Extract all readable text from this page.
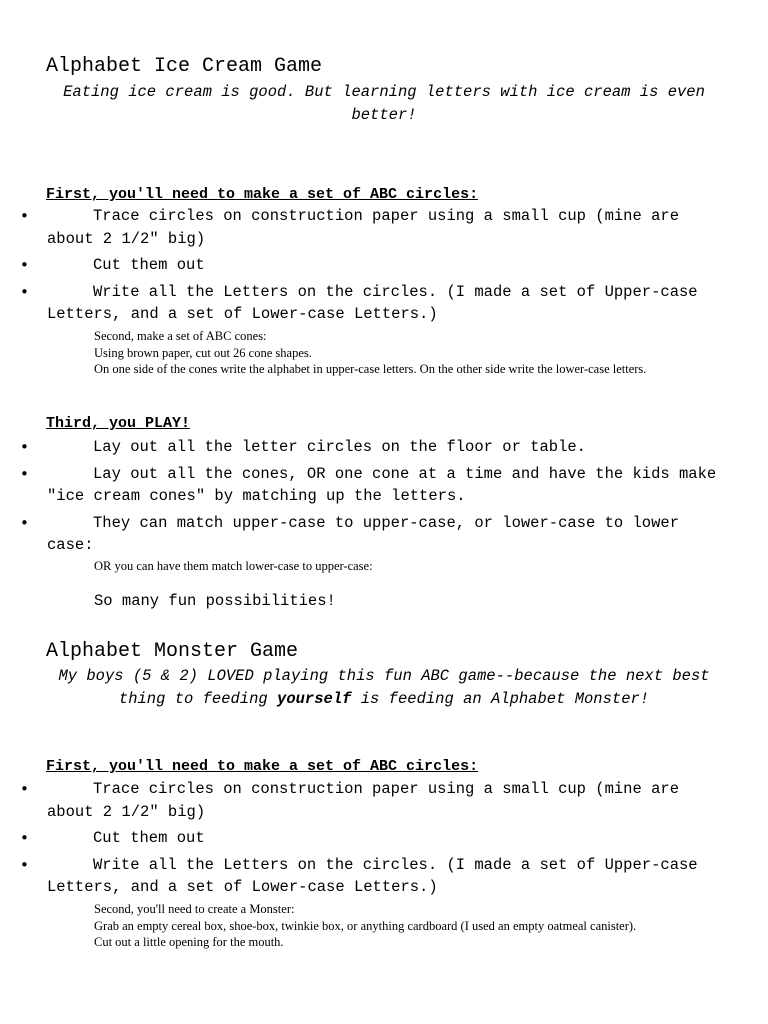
Alphabet Ice Cream Game
Eating ice cream is good. But learning letters with ice cream is even better!
First, you'll need to make a set of ABC circles:
•	Trace circles on construction paper using a small cup (mine are about 2 1/2" big)
•	Cut them out
•	Write all the Letters on the circles. (I made a set of Upper-case Letters, and a set of Lower-case Letters.)
Second, make a set of ABC cones:
Using brown paper, cut out 26 cone shapes.
On one side of the cones write the alphabet in upper-case letters. On the other side write the lower-case letters.
Third, you PLAY!
•	Lay out all the letter circles on the floor or table.
•	Lay out all the cones, OR one cone at a time and have the kids make "ice cream cones" by matching up the letters.
•	They can match upper-case to upper-case, or lower-case to lower case:
OR you can have them match lower-case to upper-case:
So many fun possibilities!
Alphabet Monster Game
My boys (5 & 2) LOVED playing this fun ABC game--because the next best thing to feeding yourself is feeding an Alphabet Monster!
First, you'll need to make a set of ABC circles:
•	Trace circles on construction paper using a small cup (mine are about 2 1/2" big)
•	Cut them out
•	Write all the Letters on the circles. (I made a set of Upper-case Letters, and a set of Lower-case Letters.)
Second, you'll need to create a Monster:
Grab an empty cereal box, shoe-box, twinkie box, or anything cardboard (I used an empty oatmeal canister).
Cut out a little opening for the mouth.
